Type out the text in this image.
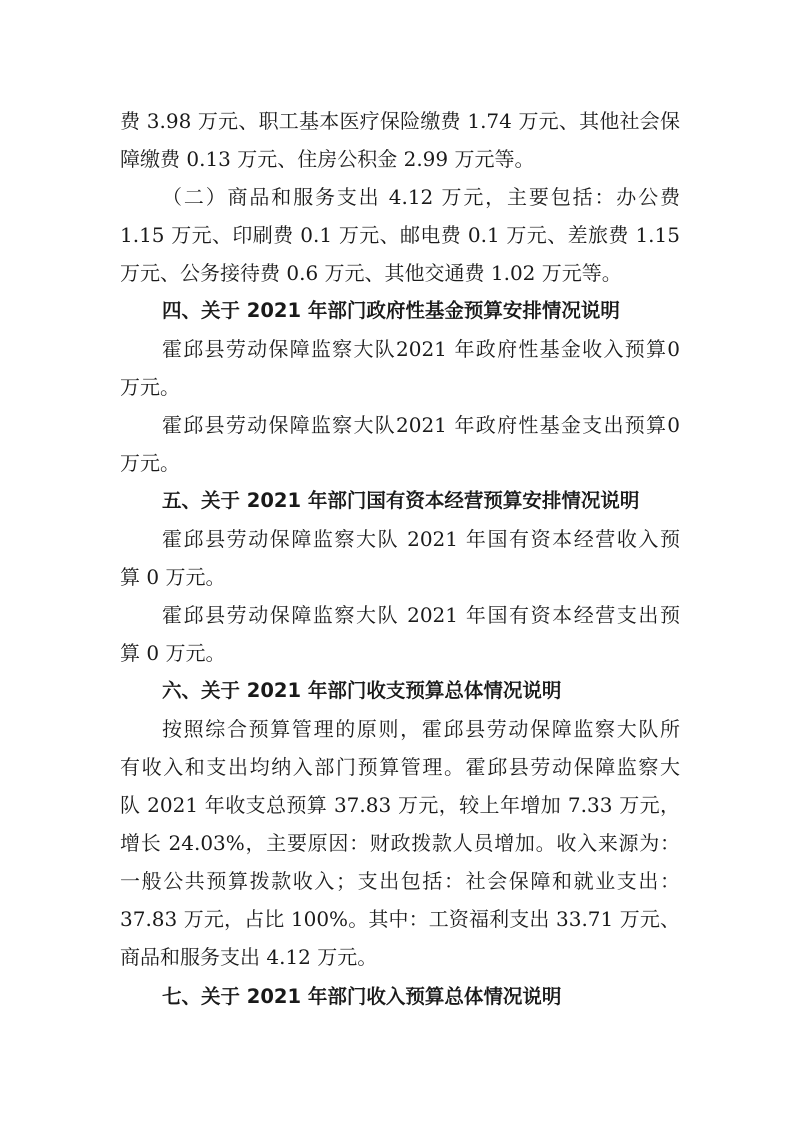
费 3.98 万元、职工基本医疗保险缴费 1.74 万元、其他社会保
障缴费 0.13 万元、住房公积金 2.99 万元等。
（二）商品和服务支出 4.12 万元，主要包括：办公费
1.15 万元、印刷费 0.1 万元、邮电费 0.1 万元、差旅费 1.15
万元、公务接待费 0.6 万元、其他交通费 1.02 万元等。
四、关于 2021 年部门政府性基金预算安排情况说明
霍邱县劳动保障监察大队2021 年政府性基金收入预算0
万元。
霍邱县劳动保障监察大队2021 年政府性基金支出预算0
万元。
五、关于 2021 年部门国有资本经营预算安排情况说明
霍邱县劳动保障监察大队 2021 年国有资本经营收入预
算 0 万元。
霍邱县劳动保障监察大队 2021 年国有资本经营支出预
算 0 万元。
六、关于 2021 年部门收支预算总体情况说明
按照综合预算管理的原则，霍邱县劳动保障监察大队所
有收入和支出均纳入部门预算管理。霍邱县劳动保障监察大
队 2021 年收支总预算 37.83 万元，较上年增加 7.33 万元，
增长 24.03%，主要原因：财政拨款人员增加。收入来源为：
一般公共预算拨款收入；支出包括：社会保障和就业支出：
37.83 万元，占比 100%。其中：工资福利支出 33.71 万元、
商品和服务支出 4.12 万元。
七、关于 2021 年部门收入预算总体情况说明
